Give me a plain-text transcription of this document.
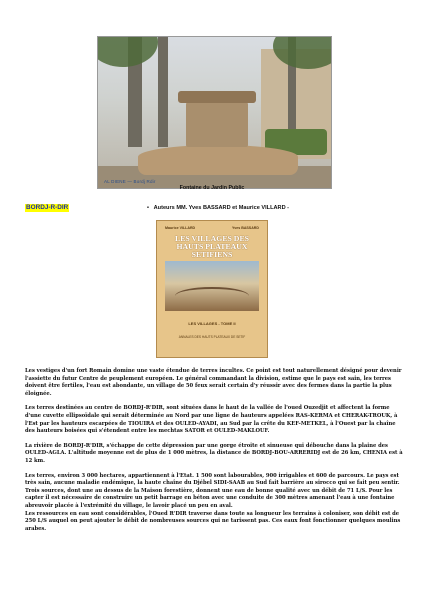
AL DIENE — Bordj Rdir
Fontaine du Jardin Public
BORDJ-R-DIR	•   Auteurs MM. Yves BASSARD et Maurice VILLARD -
Maurice VILLARD	Yves BASSARD
LES VILLAGES DES HAUTS PLATEAUX SETIFIENS
LES VILLAGES - TOME II
ANNALES DES HAUTS PLATEAUX DE SETIF

Les vestiges d'un fort Romain domine une vaste étendue de terres incultes. Ce point est tout naturellement désigné pour devenir l'assiette du futur Centre de peuplement européen. Le général commandant la division, estime que le pays est sain, les terres doivent être fertiles, l'eau est abondante, un village de 50 feux serait certain d'y réussir avec des fermes dans la partie la plus éloignée.

Les terres destinées au centre de BORDJ-R'DIR, sont situées dans le haut de la vallée de l'oued Ouzedjit et affectent la forme d'une cuvette ellipsoïdale qui serait déterminée au Nord par une ligne de hauteurs appelées RAS-KERMA et CHERAK-TROUK, à l'Est par les hauteurs escarpées de TIOUIRA et des OULED-AYADI, au Sud par la crête du KEF-METKEL, à l'Ouest par la chaîne des hauteurs boisées qui s'étendent entre les mechtas SATOR et OULED-MAKLOUF.

La rivière de BORDJ-R'DIR, s'échappe de cette dépression par une gorge étroite et sinueuse qui débouche dans la plaine des OULED-AGLA. L'altitude moyenne est de plus de 1 000 mètres, la distance de BORDJ-BOU-ARRERIDJ est de 26 km, CHENIA est à 12 km.

Les terres, environ 3 000 hectares, appartiennent à l'Etat. 1 500 sont labourables, 900 irrigables et 600 de parcours. Le pays est très sain, aucune maladie endémique, la haute chaîne du Djébel SIDI-SAAB au Sud fait barrière au sirocco qui se fait peu sentir.

Trois sources, dont une au dessus de la Maison forestière, donnent une eau de bonne qualité avec un débit de 71 L/S. Pour les capter il est nécessaire de construire un petit barrage en béton avec une conduite de 300 mètres amenant l'eau à une fontaine abreuvoir placée à l'extrémité du village, le lavoir placé un peu en aval.

Les ressources en eau sont considérables, l'Oued R'DIR traverse dans toute sa longueur les terrains à coloniser, son débit est de 250 L/S auquel on peut ajouter le débit de nombreuses sources qui ne tarissent pas. Ces eaux font fonctionner quelques moulins arabes.
